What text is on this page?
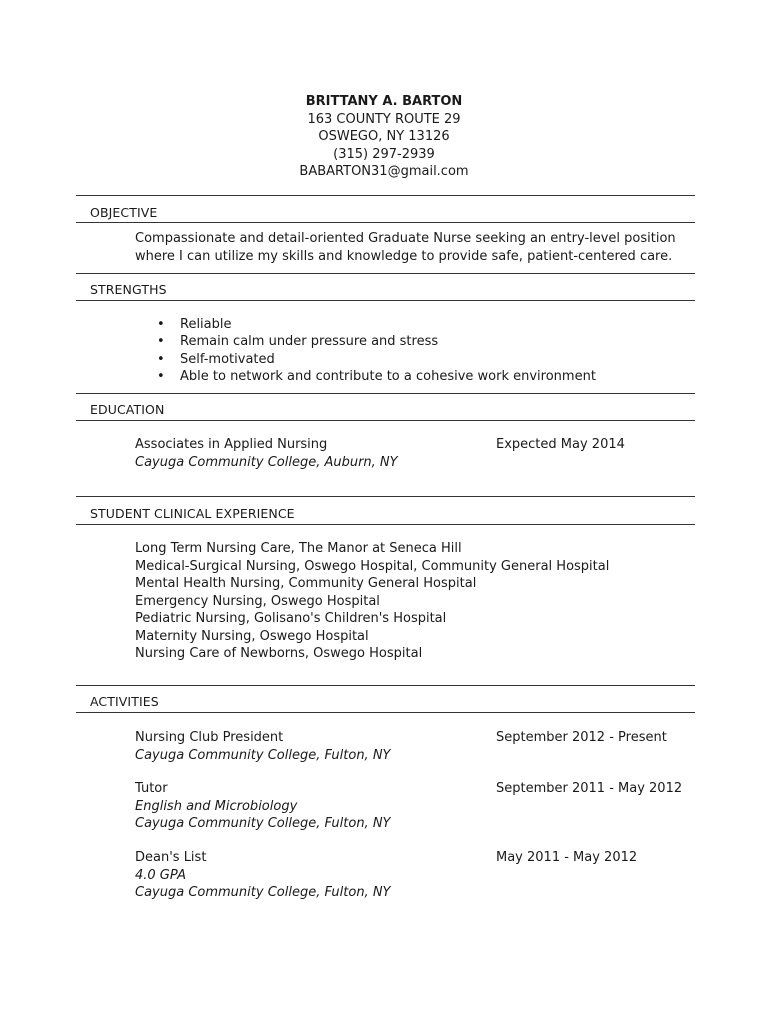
BRITTANY A. BARTON
163 COUNTY ROUTE 29
OSWEGO, NY 13126
(315) 297-2939
BABARTON31@gmail.com
OBJECTIVE
Compassionate and detail-oriented Graduate Nurse seeking an entry-level position
where I can utilize my skills and knowledge to provide safe, patient-centered care.
STRENGTHS
• Reliable
• Remain calm under pressure and stress
• Self-motivated
• Able to network and contribute to a cohesive work environment
EDUCATION
Associates in Applied Nursing
Cayuga Community College, Auburn, NY
Expected May 2014
STUDENT CLINICAL EXPERIENCE
Long Term Nursing Care, The Manor at Seneca Hill
Medical-Surgical Nursing, Oswego Hospital, Community General Hospital
Mental Health Nursing, Community General Hospital
Emergency Nursing, Oswego Hospital
Pediatric Nursing, Golisano's Children's Hospital
Maternity Nursing, Oswego Hospital
Nursing Care of Newborns, Oswego Hospital
ACTIVITIES
Nursing Club President
Cayuga Community College, Fulton, NY
September 2012 - Present
Tutor
English and Microbiology
Cayuga Community College, Fulton, NY
September 2011 - May 2012
Dean's List
4.0 GPA
Cayuga Community College, Fulton, NY
May 2011 - May 2012
